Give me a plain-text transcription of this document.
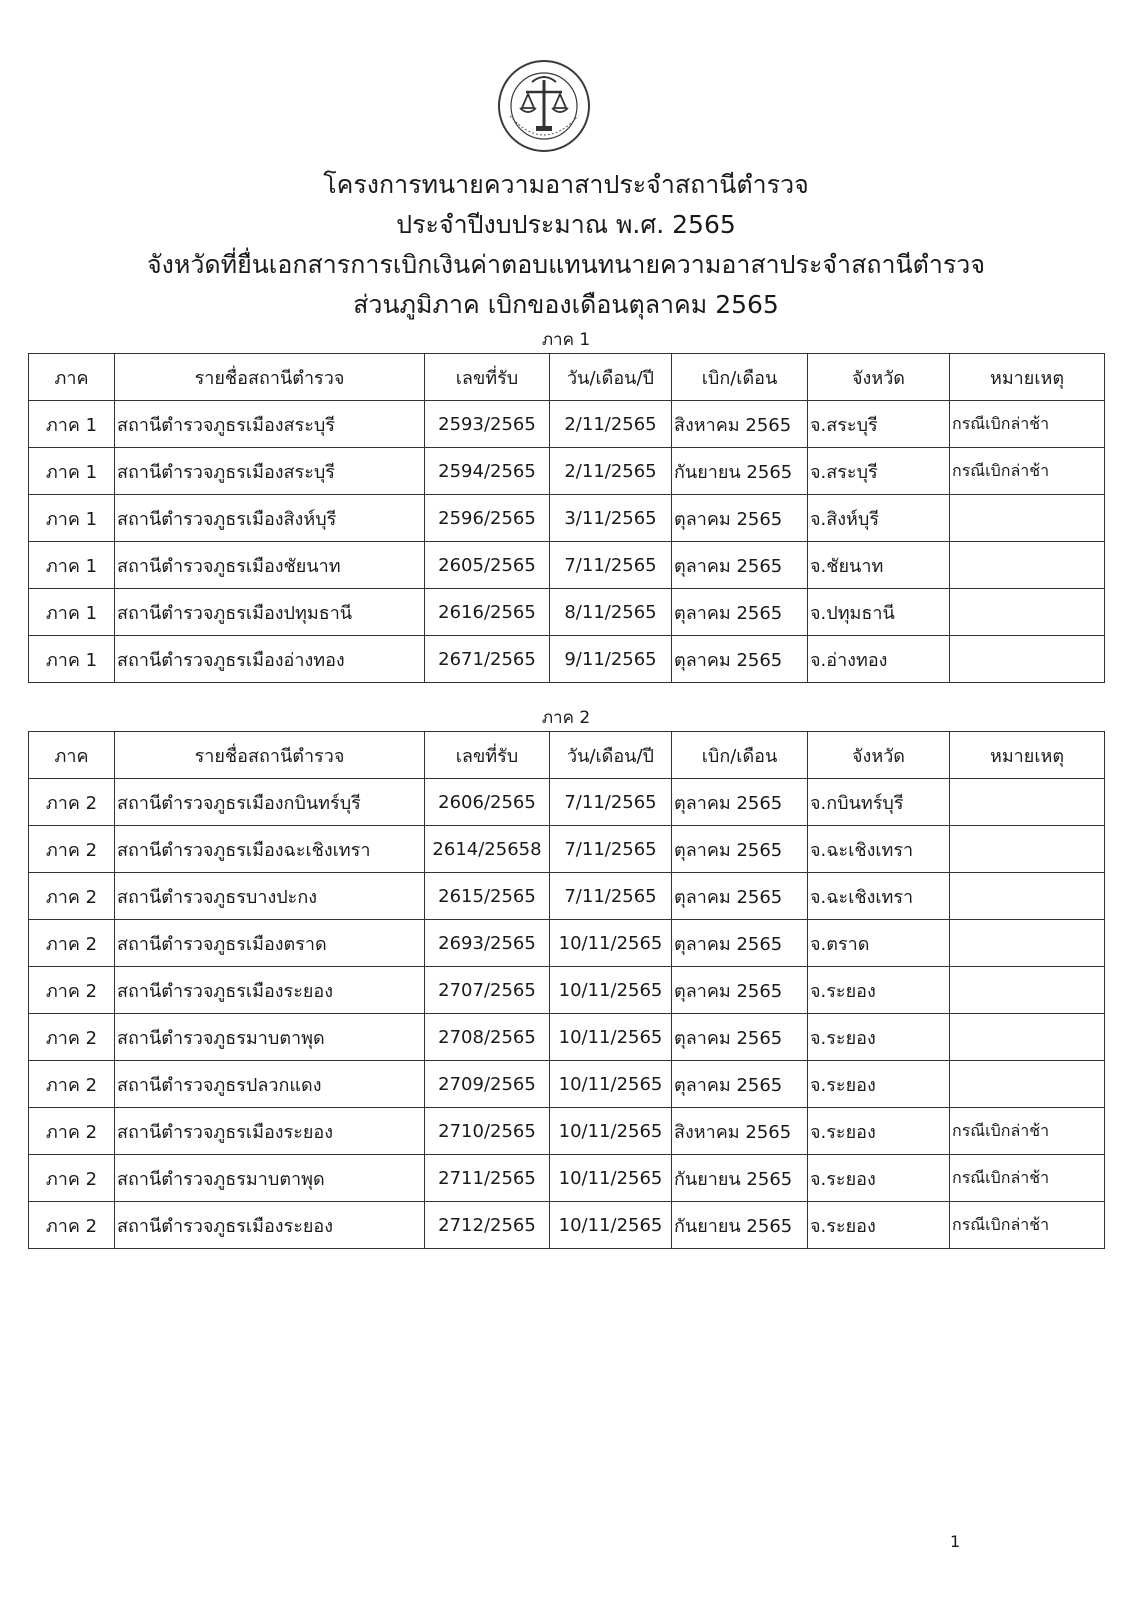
โครงการทนายความอาสาประจำสถานีตำรวจ
ประจำปีงบประมาณ พ.ศ. 2565
จังหวัดที่ยื่นเอกสารการเบิกเงินค่าตอบแทนทนายความอาสาประจำสถานีตำรวจ
ส่วนภูมิภาค เบิกของเดือนตุลาคม 2565
ภาค 1
ภาค	รายชื่อสถานีตำรวจ	เลขที่รับ	วัน/เดือน/ปี	เบิก/เดือน	จังหวัด	หมายเหตุ
ภาค 1	สถานีตำรวจภูธรเมืองสระบุรี	2593/2565	2/11/2565	สิงหาคม 2565	จ.สระบุรี	กรณีเบิกล่าช้า
ภาค 1	สถานีตำรวจภูธรเมืองสระบุรี	2594/2565	2/11/2565	กันยายน 2565	จ.สระบุรี	กรณีเบิกล่าช้า
ภาค 1	สถานีตำรวจภูธรเมืองสิงห์บุรี	2596/2565	3/11/2565	ตุลาคม 2565	จ.สิงห์บุรี	
ภาค 1	สถานีตำรวจภูธรเมืองชัยนาท	2605/2565	7/11/2565	ตุลาคม 2565	จ.ชัยนาท	
ภาค 1	สถานีตำรวจภูธรเมืองปทุมธานี	2616/2565	8/11/2565	ตุลาคม 2565	จ.ปทุมธานี	
ภาค 1	สถานีตำรวจภูธรเมืองอ่างทอง	2671/2565	9/11/2565	ตุลาคม 2565	จ.อ่างทอง	
ภาค 2
ภาค	รายชื่อสถานีตำรวจ	เลขที่รับ	วัน/เดือน/ปี	เบิก/เดือน	จังหวัด	หมายเหตุ
ภาค 2	สถานีตำรวจภูธรเมืองกบินทร์บุรี	2606/2565	7/11/2565	ตุลาคม 2565	จ.กบินทร์บุรี	
ภาค 2	สถานีตำรวจภูธรเมืองฉะเชิงเทรา	2614/25658	7/11/2565	ตุลาคม 2565	จ.ฉะเชิงเทรา	
ภาค 2	สถานีตำรวจภูธรบางปะกง	2615/2565	7/11/2565	ตุลาคม 2565	จ.ฉะเชิงเทรา	
ภาค 2	สถานีตำรวจภูธรเมืองตราด	2693/2565	10/11/2565	ตุลาคม 2565	จ.ตราด	
ภาค 2	สถานีตำรวจภูธรเมืองระยอง	2707/2565	10/11/2565	ตุลาคม 2565	จ.ระยอง	
ภาค 2	สถานีตำรวจภูธรมาบตาพุด	2708/2565	10/11/2565	ตุลาคม 2565	จ.ระยอง	
ภาค 2	สถานีตำรวจภูธรปลวกแดง	2709/2565	10/11/2565	ตุลาคม 2565	จ.ระยอง	
ภาค 2	สถานีตำรวจภูธรเมืองระยอง	2710/2565	10/11/2565	สิงหาคม 2565	จ.ระยอง	กรณีเบิกล่าช้า
ภาค 2	สถานีตำรวจภูธรมาบตาพุด	2711/2565	10/11/2565	กันยายน 2565	จ.ระยอง	กรณีเบิกล่าช้า
ภาค 2	สถานีตำรวจภูธรเมืองระยอง	2712/2565	10/11/2565	กันยายน 2565	จ.ระยอง	กรณีเบิกล่าช้า
1
